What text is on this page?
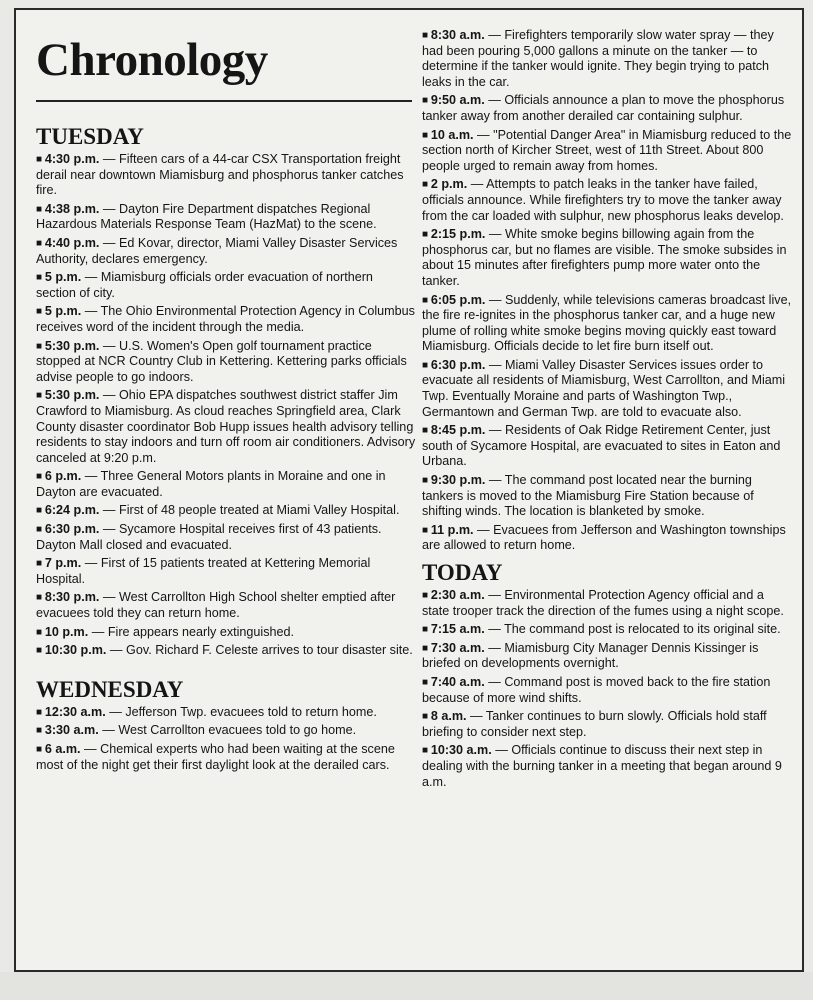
Chronology
TUESDAY

■ 4:30 p.m. — Fifteen cars of a 44-car CSX Transportation freight derail near downtown Miamisburg and phosphorus tanker catches fire.

■ 4:38 p.m. — Dayton Fire Department dispatches Regional Hazardous Materials Response Team (HazMat) to the scene.

■ 4:40 p.m. — Ed Kovar, director, Miami Valley Disaster Services Authority, declares emergency.

■ 5 p.m. — Miamisburg officials order evacuation of northern section of city.

■ 5 p.m. — The Ohio Environmental Protection Agency in Columbus receives word of the incident through the media.

■ 5:30 p.m. — U.S. Women's Open golf tournament practice stopped at NCR Country Club in Kettering. Kettering parks officials advise people to go indoors.

■ 5:30 p.m. — Ohio EPA dispatches southwest district staffer Jim Crawford to Miamisburg. As cloud reaches Springfield area, Clark County disaster coordinator Bob Hupp issues health advisory telling residents to stay indoors and turn off room air conditioners. Advisory canceled at 9:20 p.m.

■ 6 p.m. — Three General Motors plants in Moraine and one in Dayton are evacuated.

■ 6:24 p.m. — First of 48 people treated at Miami Valley Hospital.

■ 6:30 p.m. — Sycamore Hospital receives first of 43 patients. Dayton Mall closed and evacuated.

■ 7 p.m. — First of 15 patients treated at Kettering Memorial Hospital.

■ 8:30 p.m. — West Carrollton High School shelter emptied after evacuees told they can return home.

■ 10 p.m. — Fire appears nearly extinguished.

■ 10:30 p.m. — Gov. Richard F. Celeste arrives to tour disaster site.

WEDNESDAY

■ 12:30 a.m. — Jefferson Twp. evacuees told to return home.

■ 3:30 a.m. — West Carrollton evacuees told to go home.

■ 6 a.m. — Chemical experts who had been waiting at the scene most of the night get their first daylight look at the derailed cars.

■ 8:30 a.m. — Firefighters temporarily slow water spray — they had been pouring 5,000 gallons a minute on the tanker — to determine if the tanker would ignite. They begin trying to patch leaks in the car.

■ 9:50 a.m. — Officials announce a plan to move the phosphorus tanker away from another derailed car containing sulphur.

■ 10 a.m. — "Potential Danger Area" in Miamisburg reduced to the section north of Kircher Street, west of 11th Street. About 800 people urged to remain away from homes.

■ 2 p.m. — Attempts to patch leaks in the tanker have failed, officials announce. While firefighters try to move the tanker away from the car loaded with sulphur, new phosphorus leaks develop.

■ 2:15 p.m. — White smoke begins billowing again from the phosphorus car, but no flames are visible. The smoke subsides in about 15 minutes after firefighters pump more water onto the tanker.

■ 6:05 p.m. — Suddenly, while televisions cameras broadcast live, the fire re-ignites in the phosphorus tanker car, and a huge new plume of rolling white smoke begins moving quickly east toward Miamisburg. Officials decide to let fire burn itself out.

■ 6:30 p.m. — Miami Valley Disaster Services issues order to evacuate all residents of Miamisburg, West Carrollton, and Miami Twp. Eventually Moraine and parts of Washington Twp., Germantown and German Twp. are told to evacuate also.

■ 8:45 p.m. — Residents of Oak Ridge Retirement Center, just south of Sycamore Hospital, are evacuated to sites in Eaton and Urbana.

■ 9:30 p.m. — The command post located near the burning tankers is moved to the Miamisburg Fire Station because of shifting winds. The location is blanketed by smoke.

■ 11 p.m. — Evacuees from Jefferson and Washington townships are allowed to return home.

TODAY

■ 2:30 a.m. — Environmental Protection Agency official and a state trooper track the direction of the fumes using a night scope.

■ 7:15 a.m. — The command post is relocated to its original site.

■ 7:30 a.m. — Miamisburg City Manager Dennis Kissinger is briefed on developments overnight.

■ 7:40 a.m. — Command post is moved back to the fire station because of more wind shifts.

■ 8 a.m. — Tanker continues to burn slowly. Officials hold staff briefing to consider next step.

■ 10:30 a.m. — Officials continue to discuss their next step in dealing with the burning tanker in a meeting that began around 9 a.m.
